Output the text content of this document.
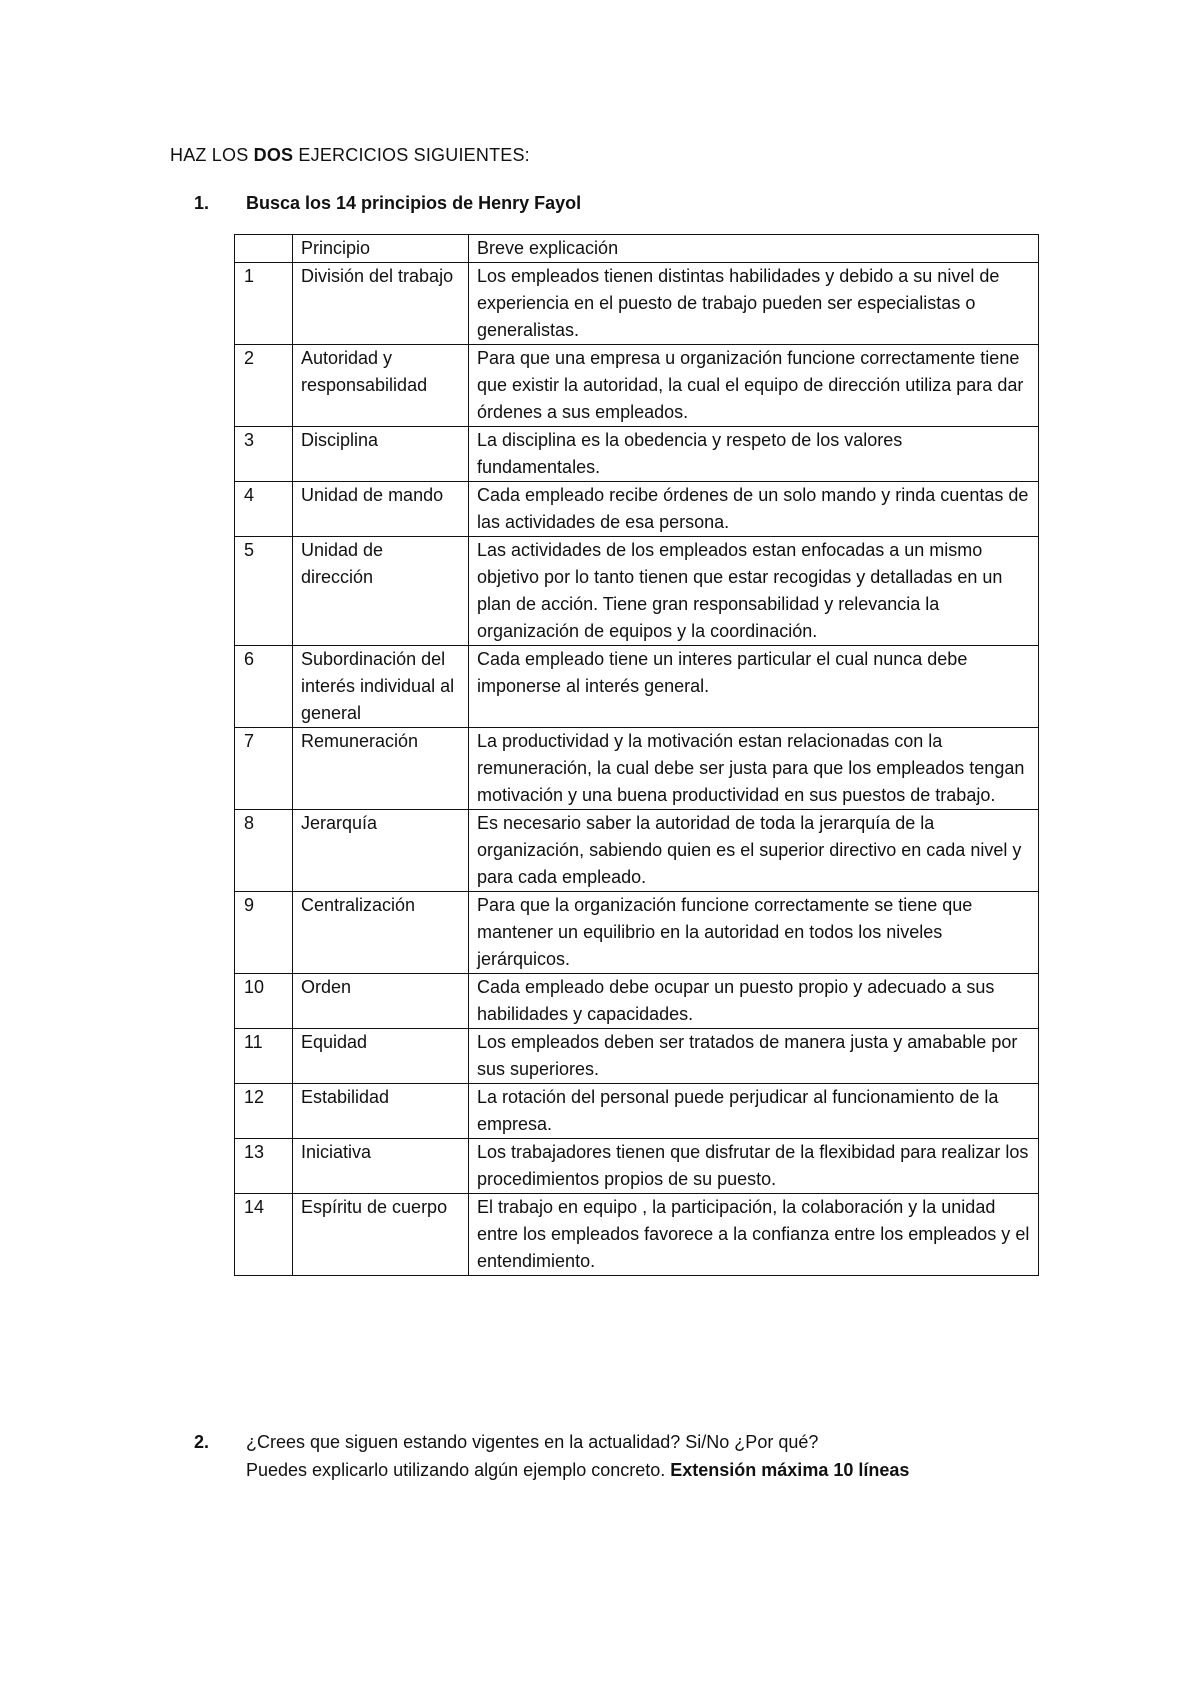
HAZ LOS DOS EJERCICIOS SIGUIENTES:
1. Busca los 14 principios de Henry Fayol
	Principio	Breve explicación
1	División del trabajo	Los empleados tienen distintas habilidades y debido a su nivel de experiencia en el puesto de trabajo pueden ser especialistas o generalistas.
2	Autoridad y responsabilidad	Para que una empresa u organización funcione correctamente tiene que existir la autoridad, la cual el equipo de dirección utiliza para dar órdenes a sus empleados.
3	Disciplina	La disciplina es la obedencia y respeto de los valores fundamentales.
4	Unidad de mando	Cada empleado recibe órdenes de un solo mando y rinda cuentas de las actividades de esa persona.
5	Unidad de dirección	Las actividades de los empleados estan enfocadas a un mismo objetivo por lo tanto tienen que estar recogidas y detalladas en un plan de acción. Tiene gran responsabilidad y relevancia la organización de equipos y la coordinación.
6	Subordinación del interés individual al general	Cada empleado tiene un interes particular el cual nunca debe imponerse al interés general.
7	Remuneración	La productividad y la motivación estan relacionadas con la remuneración, la cual debe ser justa para que los empleados tengan motivación y una buena productividad en sus puestos de trabajo.
8	Jerarquía	Es necesario saber la autoridad de toda la jerarquía de la organización, sabiendo quien es el superior directivo en cada nivel y para cada empleado.
9	Centralización	Para que la organización funcione correctamente se tiene que mantener un equilibrio en la autoridad en todos los niveles jerárquicos.
10	Orden	Cada empleado debe ocupar un puesto propio y adecuado a sus habilidades y capacidades.
11	Equidad	Los empleados deben ser tratados de manera justa y amabable por sus superiores.
12	Estabilidad	La rotación del personal puede perjudicar al funcionamiento de la empresa.
13	Iniciativa	Los trabajadores tienen que disfrutar de la flexibidad para realizar los procedimientos propios de su puesto.
14	Espíritu de cuerpo	El trabajo en equipo , la participación, la colaboración y la unidad entre los empleados favorece a la confianza entre los empleados y el entendimiento.
2. ¿Crees que siguen estando vigentes en la actualidad? Si/No ¿Por qué?
Puedes explicarlo utilizando algún ejemplo concreto. Extensión máxima 10 líneas
